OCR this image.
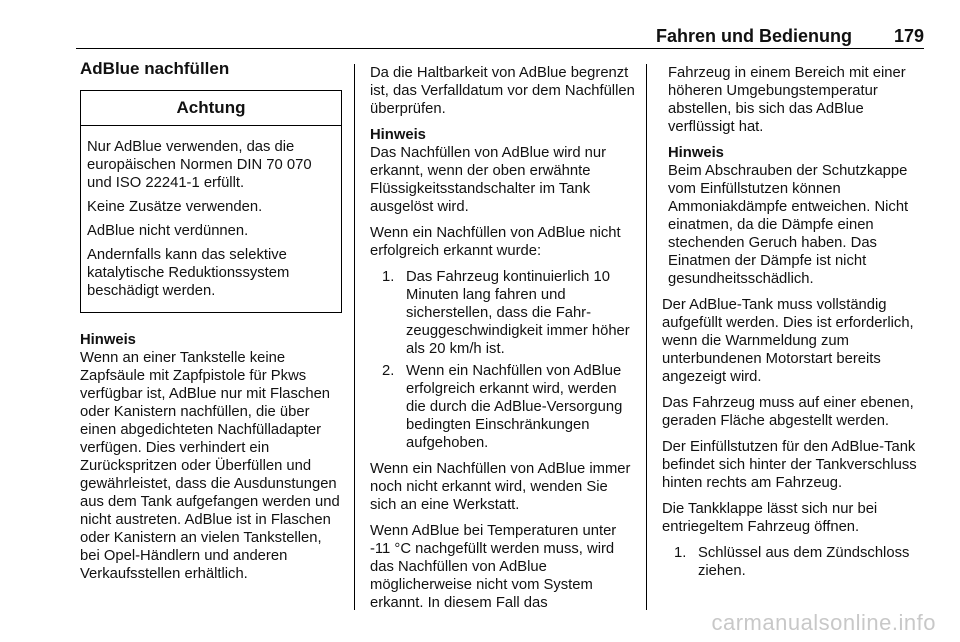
Fahren und Bedienung 179
AdBlue nachfüllen
Achtung

Nur AdBlue verwenden, das die europäischen Normen DIN 70 070 und ISO 22241-1 erfüllt.

Keine Zusätze verwenden.

AdBlue nicht verdünnen.

Andernfalls kann das selektive katalytische Reduktionssystem beschädigt werden.

Hinweis

Wenn an einer Tankstelle keine Zapfsäule mit Zapfpistole für Pkws verfügbar ist, AdBlue nur mit Flaschen oder Kanistern nachfüllen, die über einen abgedichteten Nachfülladapter verfügen. Dies verhindert ein Zurückspritzen oder Überfüllen und gewährleistet, dass die Ausdunstungen aus dem Tank aufgefangen werden und nicht austreten. AdBlue ist in Flaschen oder Kanistern an vielen Tankstellen, bei Opel-Händlern und anderen Verkaufsstellen erhältlich.

Da die Haltbarkeit von AdBlue begrenzt ist, das Verfalldatum vor dem Nachfüllen überprüfen.

Hinweis

Das Nachfüllen von AdBlue wird nur erkannt, wenn der oben erwähnte Flüssigkeitsstandschalter im Tank ausgelöst wird.

Wenn ein Nachfüllen von AdBlue nicht erfolgreich erkannt wurde:

1. Das Fahrzeug kontinuierlich 10 Minuten lang fahren und sicherstellen, dass die Fahrzeuggeschwindigkeit immer höher als 20 km/h ist.
2. Wenn ein Nachfüllen von AdBlue erfolgreich erkannt wird, werden die durch die AdBlue-Versorgung bedingten Einschränkungen aufgehoben.

Wenn ein Nachfüllen von AdBlue immer noch nicht erkannt wird, wenden Sie sich an eine Werkstatt.

Wenn AdBlue bei Temperaturen unter -11 °C nachgefüllt werden muss, wird das Nachfüllen von AdBlue möglicherweise nicht vom System erkannt. In diesem Fall das

Fahrzeug in einem Bereich mit einer höheren Umgebungstemperatur abstellen, bis sich das AdBlue verflüssigt hat.

Hinweis

Beim Abschrauben der Schutzkappe vom Einfüllstutzen können Ammoniakdämpfe entweichen. Nicht einatmen, da die Dämpfe einen stechenden Geruch haben. Das Einatmen der Dämpfe ist nicht gesundheitsschädlich.

Der AdBlue-Tank muss vollständig aufgefüllt werden. Dies ist erforderlich, wenn die Warnmeldung zum unterbundenen Motorstart bereits angezeigt wird.

Das Fahrzeug muss auf einer ebenen, geraden Fläche abgestellt werden.

Der Einfüllstutzen für den AdBlue-Tank befindet sich hinter der Tankverschluss hinten rechts am Fahrzeug.

Die Tankklappe lässt sich nur bei entriegeltem Fahrzeug öffnen.

1. Schlüssel aus dem Zündschloss ziehen.
carmanualsonline.info
